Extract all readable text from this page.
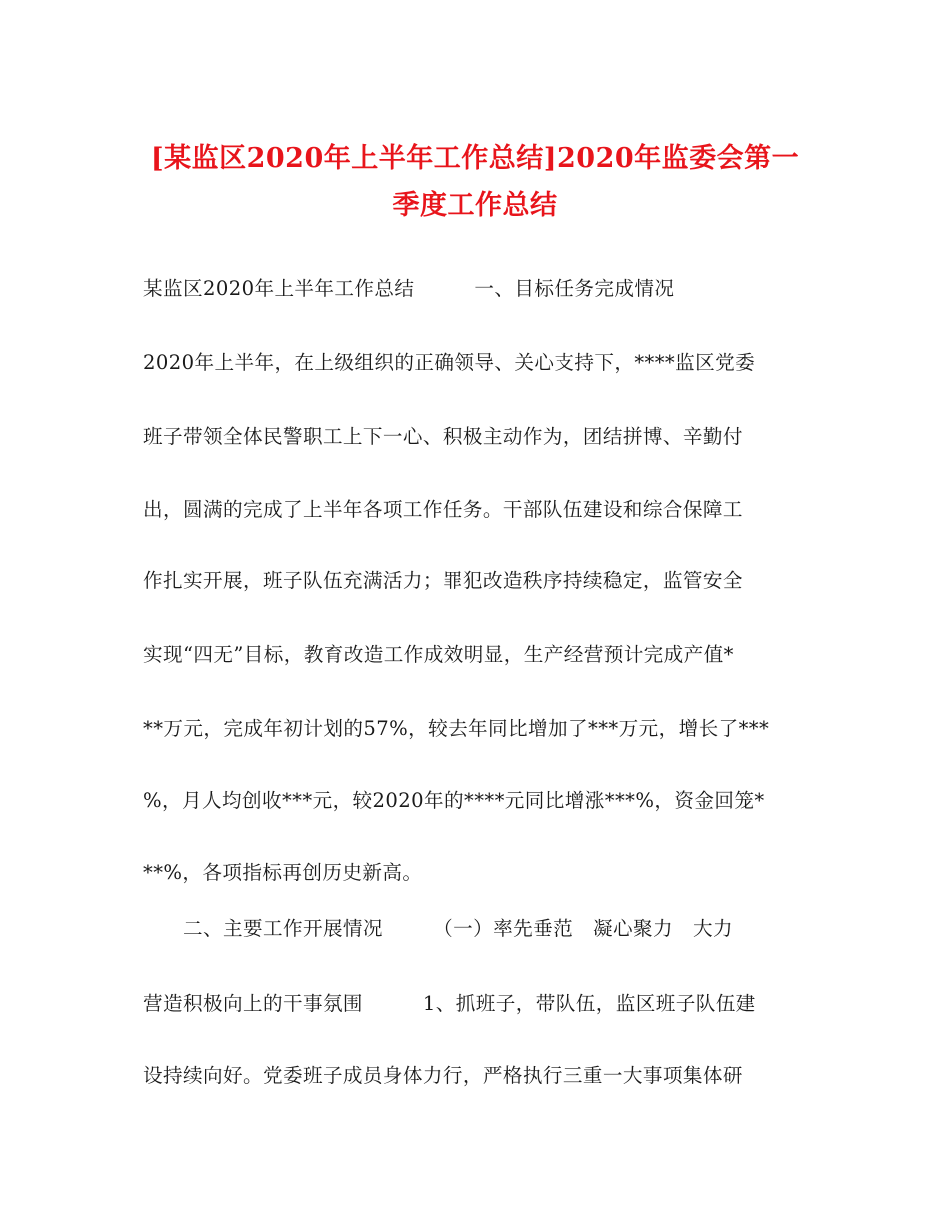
[某监区2020年上半年工作总结]2020年监委会第一
季度工作总结
某监区2020年上半年工作总结　　　一、目标任务完成情况
2020年上半年，在上级组织的正确领导、关心支持下，****监区党委
班子带领全体民警职工上下一心、积极主动作为，团结拼博、辛勤付
出，圆满的完成了上半年各项工作任务。干部队伍建设和综合保障工
作扎实开展，班子队伍充满活力；罪犯改造秩序持续稳定，监管安全
实现“四无”目标，教育改造工作成效明显，生产经营预计完成产值*
**万元，完成年初计划的57%，较去年同比增加了***万元，增长了***
%，月人均创收***元，较2020年的****元同比增涨***%，资金回笼*
**%，各项指标再创历史新高。
　　二、主要工作开展情况　　　（一）率先垂范　凝心聚力　大力
营造积极向上的干事氛围　　　1、抓班子，带队伍，监区班子队伍建
设持续向好。党委班子成员身体力行，严格执行三重一大事项集体研
